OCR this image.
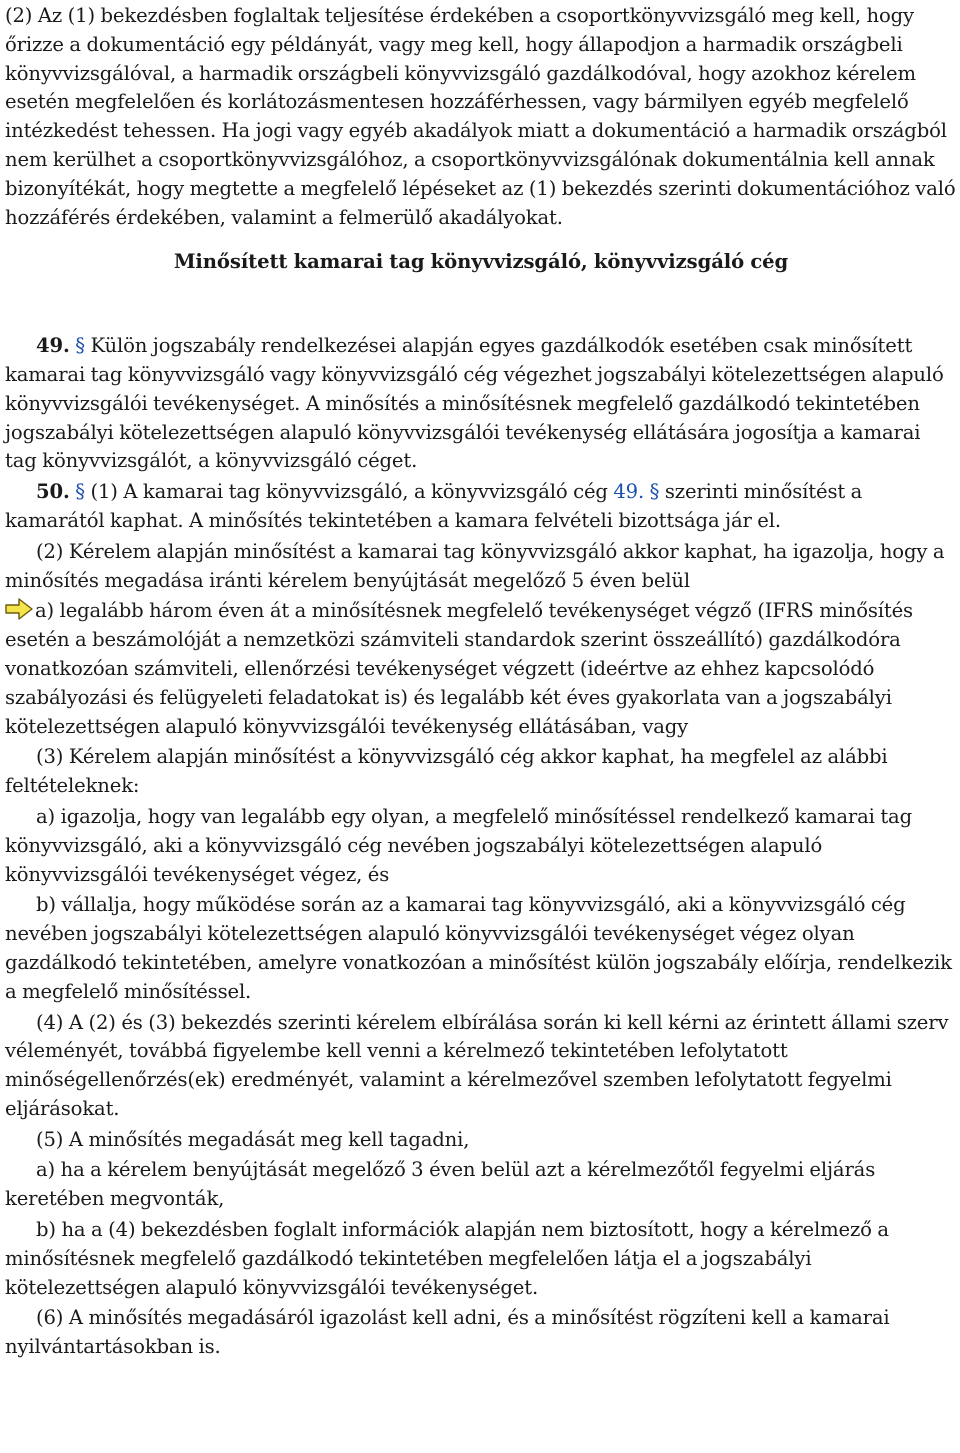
(2) Az (1) bekezdésben foglaltak teljesítése érdekében a csoportkönyvvizsgáló meg kell, hogy őrizze a dokumentáció egy példányát, vagy meg kell, hogy állapodjon a harmadik országbeli könyvvizsgálóval, a harmadik országbeli könyvvizsgáló gazdálkodóval, hogy azokhoz kérelem esetén megfelelően és korlátozásmentesen hozzáférhessen, vagy bármilyen egyéb megfelelő intézkedést tehessen. Ha jogi vagy egyéb akadályok miatt a dokumentáció a harmadik országból nem kerülhet a csoportkönyvvizsgálóhoz, a csoportkönyvvizsgálónak dokumentálnia kell annak bizonyítékát, hogy megtette a megfelelő lépéseket az (1) bekezdés szerinti dokumentációhoz való hozzáférés érdekében, valamint a felmerülő akadályokat.

Minősített kamarai tag könyvvizsgáló, könyvvizsgáló cég

49. § Külön jogszabály rendelkezései alapján egyes gazdálkodók esetében csak minősített kamarai tag könyvvizsgáló vagy könyvvizsgáló cég végezhet jogszabályi kötelezettségen alapuló könyvvizsgálói tevékenységet. A minősítés a minősítésnek megfelelő gazdálkodó tekintetében jogszabályi kötelezettségen alapuló könyvvizsgálói tevékenység ellátására jogosítja a kamarai tag könyvvizsgálót, a könyvvizsgáló céget.

50. § (1) A kamarai tag könyvvizsgáló, a könyvvizsgáló cég 49. § szerinti minősítést a kamarától kaphat. A minősítés tekintetében a kamara felvételi bizottsága jár el.

(2) Kérelem alapján minősítést a kamarai tag könyvvizsgáló akkor kaphat, ha igazolja, hogy a minősítés megadása iránti kérelem benyújtását megelőző 5 éven belül

a) legalább három éven át a minősítésnek megfelelő tevékenységet végző (IFRS minősítés esetén a beszámolóját a nemzetközi számviteli standardok szerint összeállító) gazdálkodóra vonatkozóan számviteli, ellenőrzési tevékenységet végzett (ideértve az ehhez kapcsolódó szabályozási és felügyeleti feladatokat is) és legalább két éves gyakorlata van a jogszabályi kötelezettségen alapuló könyvvizsgálói tevékenység ellátásában, vagy

(3) Kérelem alapján minősítést a könyvvizsgáló cég akkor kaphat, ha megfelel az alábbi feltételeknek:

a) igazolja, hogy van legalább egy olyan, a megfelelő minősítéssel rendelkező kamarai tag könyvvizsgáló, aki a könyvvizsgáló cég nevében jogszabályi kötelezettségen alapuló könyvvizsgálói tevékenységet végez, és

b) vállalja, hogy működése során az a kamarai tag könyvvizsgáló, aki a könyvvizsgáló cég nevében jogszabályi kötelezettségen alapuló könyvvizsgálói tevékenységet végez olyan gazdálkodó tekintetében, amelyre vonatkozóan a minősítést külön jogszabály előírja, rendelkezik a megfelelő minősítéssel.

(4) A (2) és (3) bekezdés szerinti kérelem elbírálása során ki kell kérni az érintett állami szerv véleményét, továbbá figyelembe kell venni a kérelmező tekintetében lefolytatott minőségellenőrzés(ek) eredményét, valamint a kérelmezővel szemben lefolytatott fegyelmi eljárásokat.

(5) A minősítés megadását meg kell tagadni,

a) ha a kérelem benyújtását megelőző 3 éven belül azt a kérelmezőtől fegyelmi eljárás keretében megvonták,

b) ha a (4) bekezdésben foglalt információk alapján nem biztosított, hogy a kérelmező a minősítésnek megfelelő gazdálkodó tekintetében megfelelően látja el a jogszabályi kötelezettségen alapuló könyvvizsgálói tevékenységet.

(6) A minősítés megadásáról igazolást kell adni, és a minősítést rögzíteni kell a kamarai nyilvántartásokban is.
